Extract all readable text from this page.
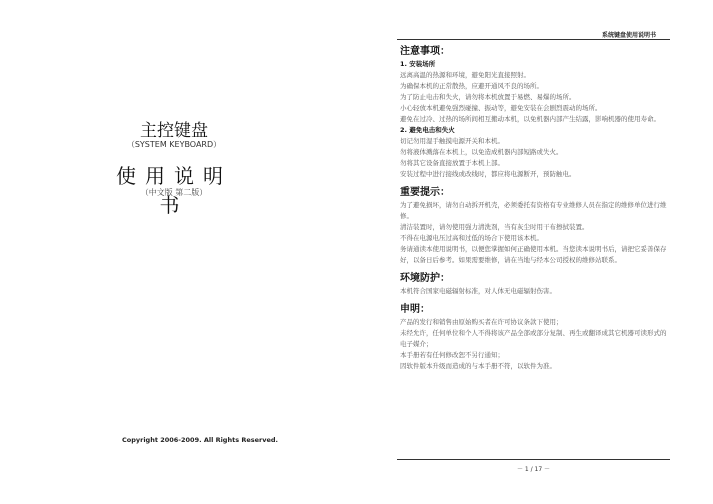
系统键盘使用说明书
主控键盘
（SYSTEM KEYBOARD）
使用说明书
（中文版 第二版）
Copyright 2006-2009. All Rights Reserved.
注意事项：
1. 安装场所
远离高温的热源和环境，避免阳光直接照射。
为确保本机的正常散热，应避开通风不良的场所。
为了防止电击和失火，请勿将本机放置于易燃、易爆的场所。
小心轻放本机避免强烈碰撞、振动等，避免安装在会剧烈震动的场所。
避免在过冷、过热的场所间相互搬动本机，以免机器内部产生结露，影响机器的使用寿命。
2. 避免电击和失火
切记勿用湿手触摸电源开关和本机。
勿将液体溅落在本机上，以免造成机器内部短路或失火。
勿将其它设备直接放置于本机上部。
安装过程中进行接线或改线时，都应将电源断开，预防触电。
重要提示：
为了避免损坏，请勿自动拆开机壳，必须委托有资格有专业维修人员在指定的维修单位进行维修。
清洁装置时，请勿使用强力清洗剂，当有灰尘时用干布擦拭装置。
不得在电源电压过高和过低的场合下使用该本机。
务请通读本使用说明书，以便您掌握如何正确使用本机。当您读本说明书后，请把它妥善保存好，以备日后参考。如果需要维修，请在当地与经本公司授权的维修站联系。
环境防护：
本机符合国家电磁辐射标准，对人体无电磁辐射伤害。
申明：
产品的发行和销售由原始购买者在许可协议条款下使用；
未经允许，任何单位和个人不得将该产品全部或部分复制、再生或翻译成其它机器可读形式的电子媒介；
本手册若有任何修改恕不另行通知；
因软件版本升级而造成的与本手册不符，以软件为准。
－ 1 / 17 －
